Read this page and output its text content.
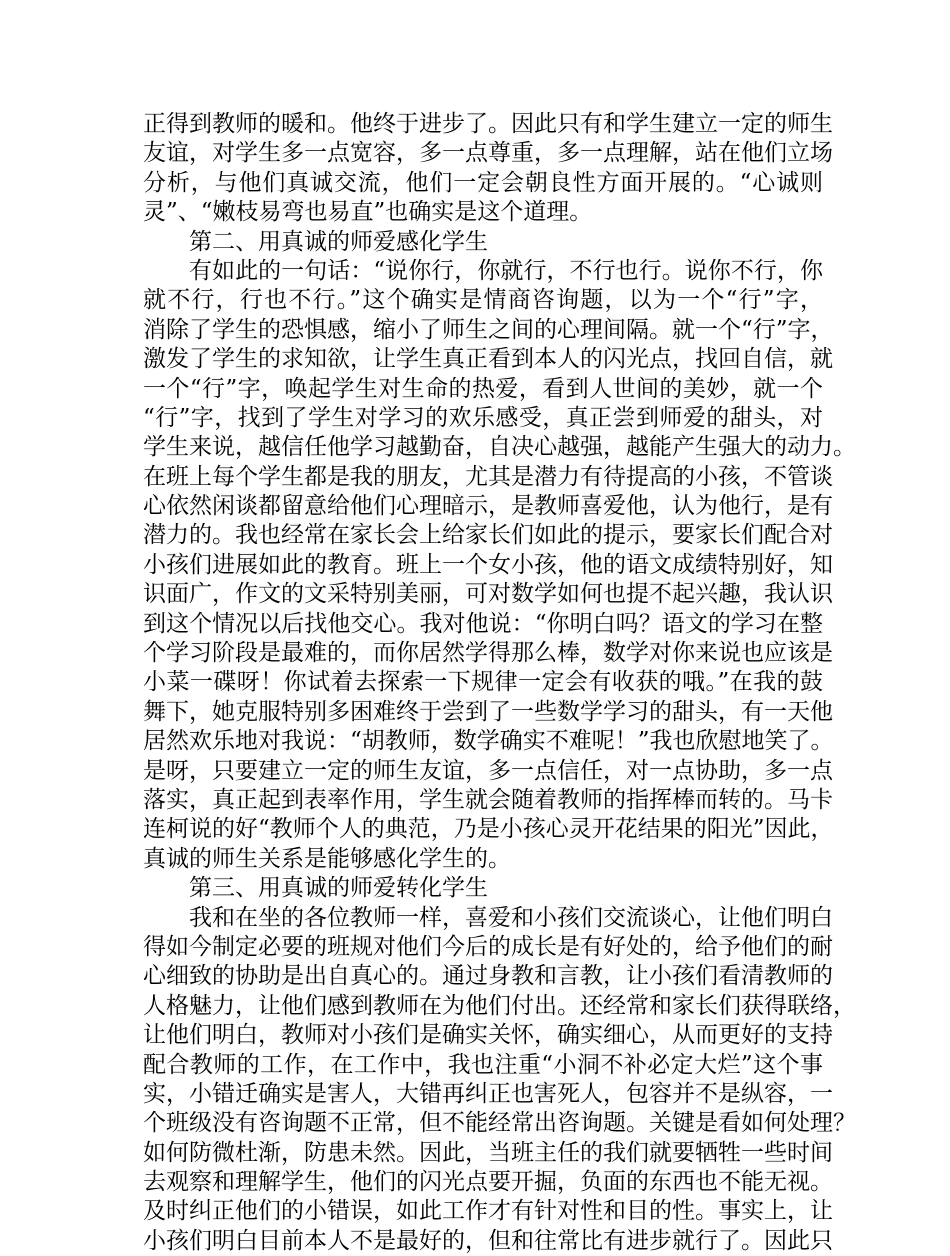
正得到教师的暖和。他终于进步了。因此只有和学生建立一定的师生
友谊，对学生多一点宽容，多一点尊重，多一点理解，站在他们立场
分析，与他们真诚交流，他们一定会朝良性方面开展的。“心诚则
灵”、“嫩枝易弯也易直”也确实是这个道理。
第二、用真诚的师爱感化学生
有如此的一句话：“说你行，你就行，不行也行。说你不行，你
就不行，行也不行。”这个确实是情商咨询题，以为一个“行”字，
消除了学生的恐惧感，缩小了师生之间的心理间隔。就一个“行”字，
激发了学生的求知欲，让学生真正看到本人的闪光点，找回自信，就
一个“行”字，唤起学生对生命的热爱，看到人世间的美妙，就一个
“行”字，找到了学生对学习的欢乐感受，真正尝到师爱的甜头，对
学生来说，越信任他学习越勤奋，自决心越强，越能产生强大的动力。
在班上每个学生都是我的朋友，尤其是潜力有待提高的小孩，不管谈
心依然闲谈都留意给他们心理暗示，是教师喜爱他，认为他行，是有
潜力的。我也经常在家长会上给家长们如此的提示，要家长们配合对
小孩们进展如此的教育。班上一个女小孩，他的语文成绩特别好，知
识面广，作文的文采特别美丽，可对数学如何也提不起兴趣，我认识
到这个情况以后找他交心。我对他说：“你明白吗？语文的学习在整
个学习阶段是最难的，而你居然学得那么棒，数学对你来说也应该是
小菜一碟呀！你试着去探索一下规律一定会有收获的哦。”在我的鼓
舞下，她克服特别多困难终于尝到了一些数学学习的甜头，有一天他
居然欢乐地对我说：“胡教师，数学确实不难呢！”我也欣慰地笑了。
是呀，只要建立一定的师生友谊，多一点信任，对一点协助，多一点
落实，真正起到表率作用，学生就会随着教师的指挥棒而转的。马卡
连柯说的好“教师个人的典范，乃是小孩心灵开花结果的阳光”因此，
真诚的师生关系是能够感化学生的。
第三、用真诚的师爱转化学生
我和在坐的各位教师一样，喜爱和小孩们交流谈心，让他们明白
得如今制定必要的班规对他们今后的成长是有好处的，给予他们的耐
心细致的协助是出自真心的。通过身教和言教，让小孩们看清教师的
人格魅力，让他们感到教师在为他们付出。还经常和家长们获得联络，
让他们明白，教师对小孩们是确实关怀，确实细心，从而更好的支持
配合教师的工作，在工作中，我也注重“小洞不补必定大烂”这个事
实，小错迁确实是害人，大错再纠正也害死人，包容并不是纵容，一
个班级没有咨询题不正常，但不能经常出咨询题。关键是看如何处理？
如何防微杜渐，防患未然。因此，当班主任的我们就要牺牲一些时间
去观察和理解学生，他们的闪光点要开掘，负面的东西也不能无视。
及时纠正他们的小错误，如此工作才有针对性和目的性。事实上，让
小孩们明白目前本人不是最好的，但和往常比有进步就行了。因此只
